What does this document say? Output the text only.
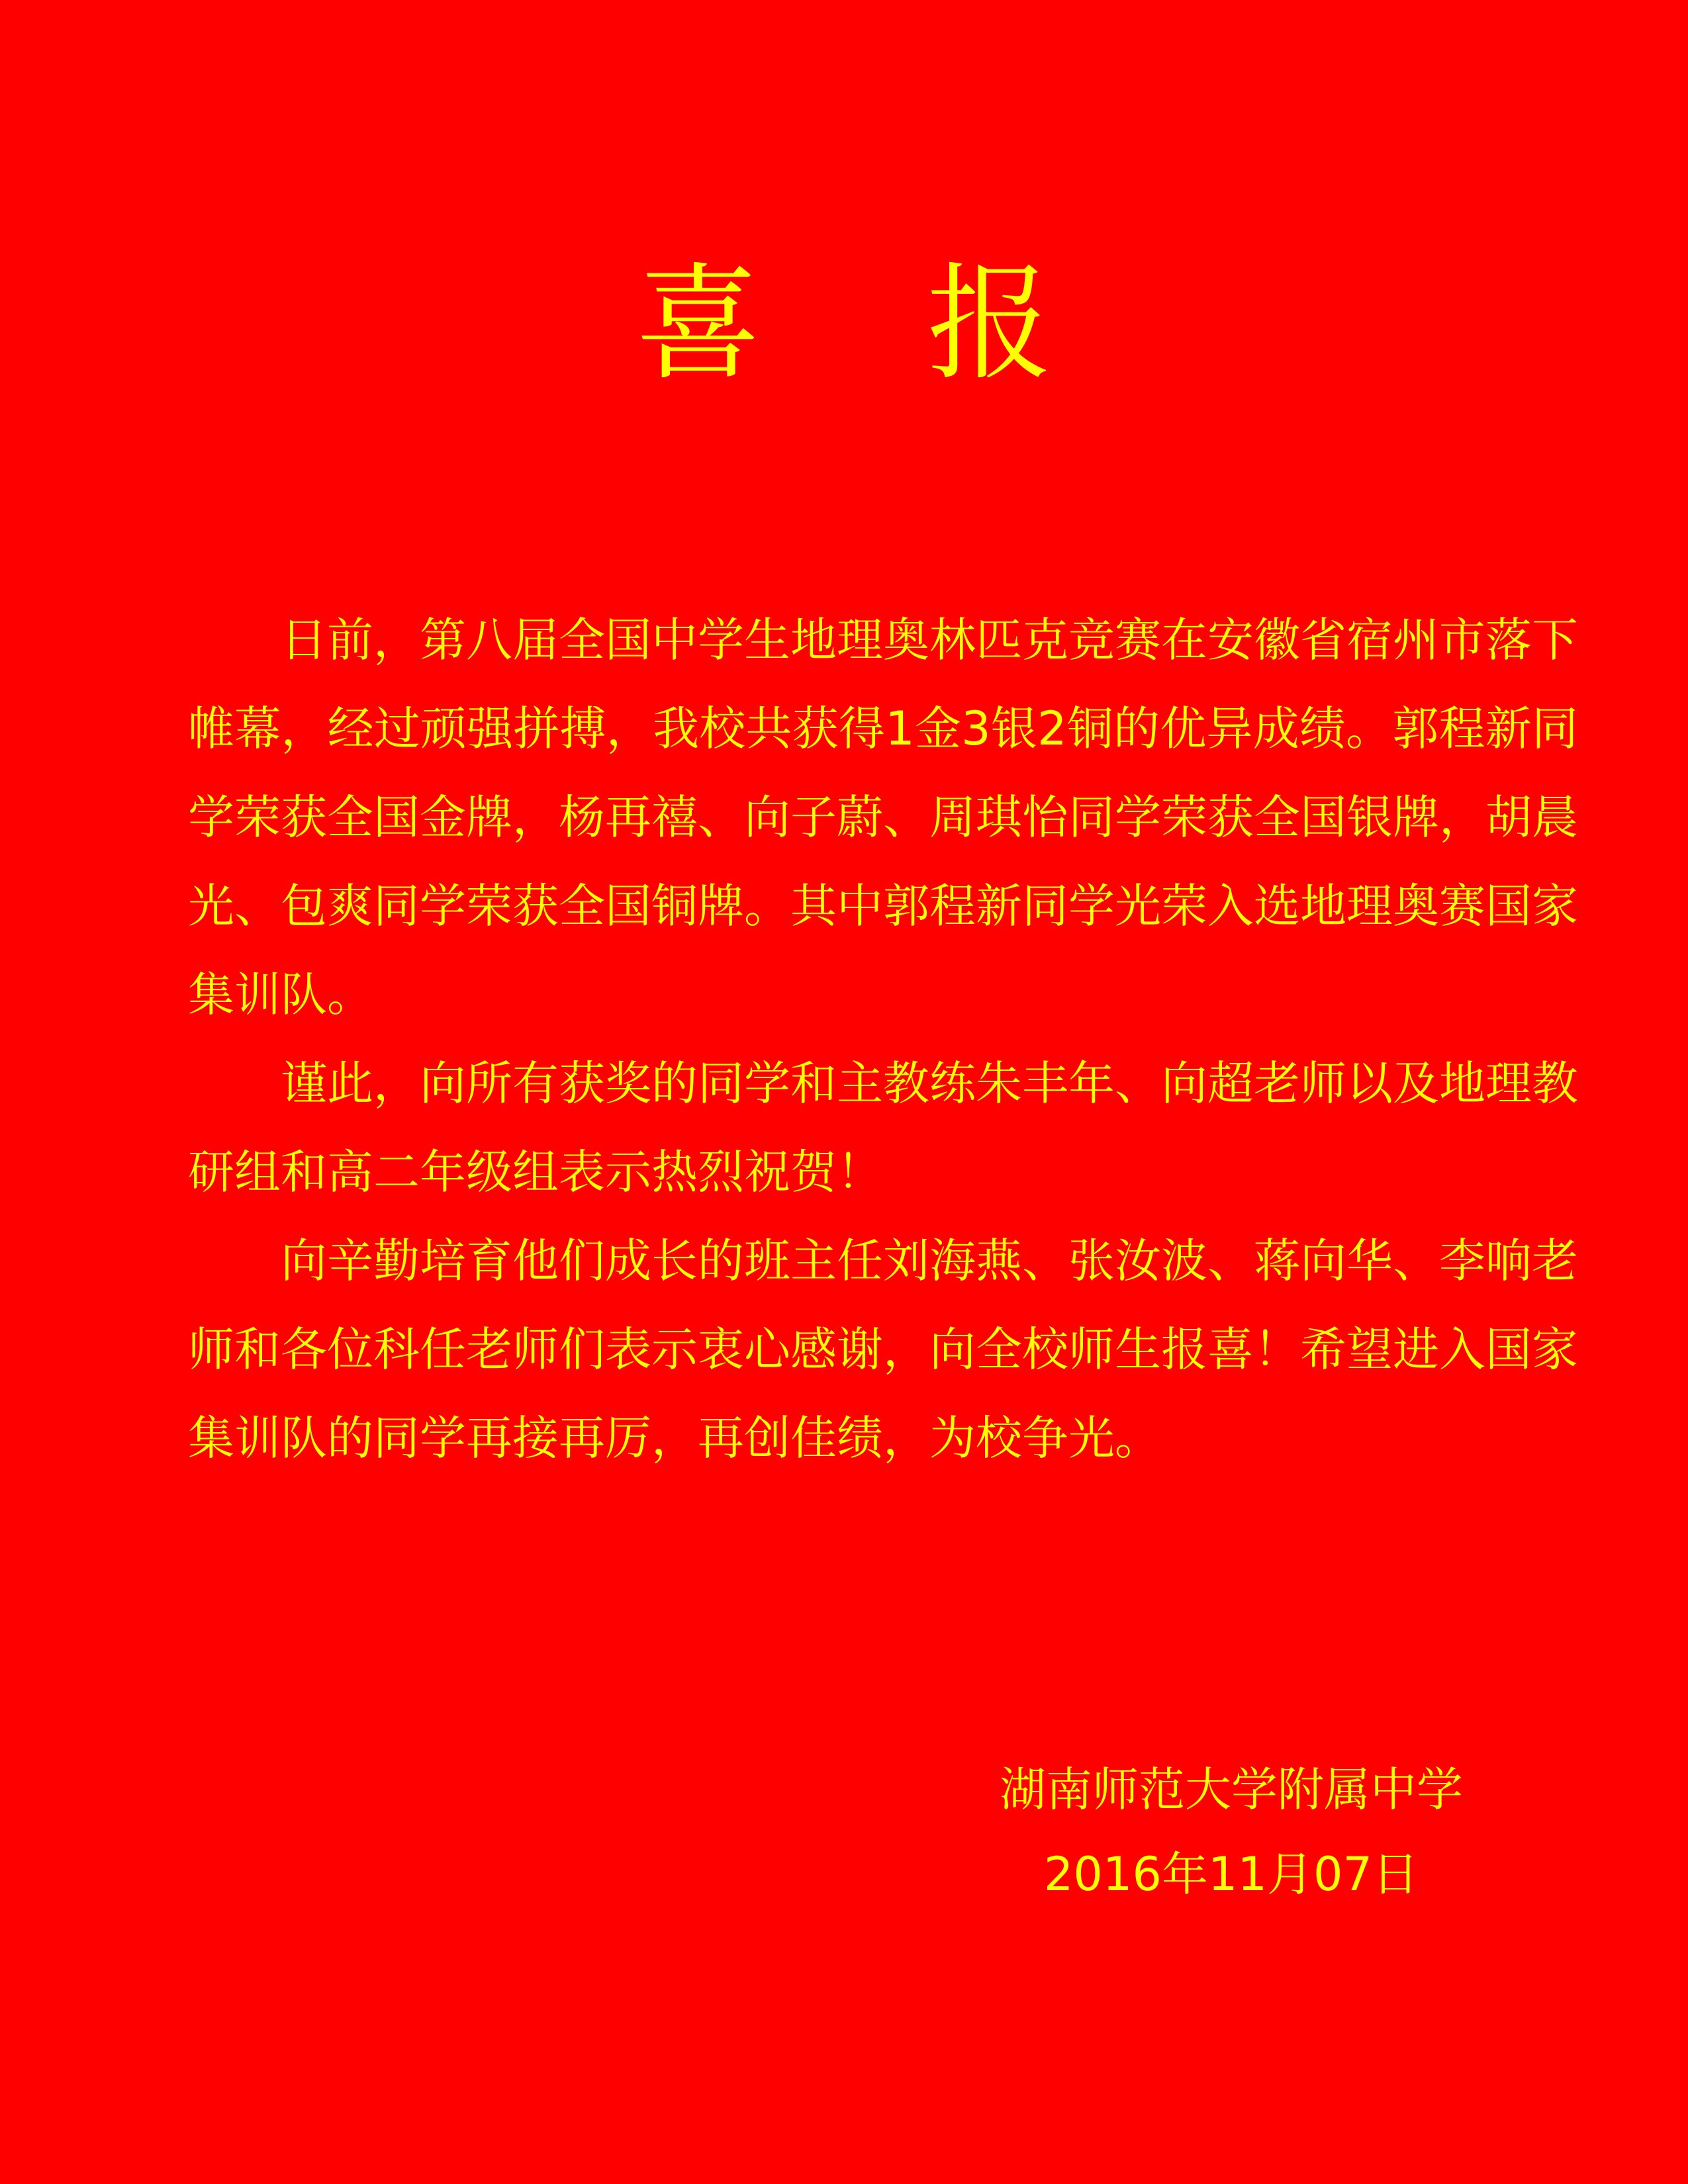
喜 报

日前，第八届全国中学生地理奥林匹克竞赛在安徽省宿州市落下帷幕，经过顽强拼搏，我校共获得1金3银2铜的优异成绩。郭程新同学荣获全国金牌，杨再禧、向子蔚、周琪怡同学荣获全国银牌，胡晨光、包爽同学荣获全国铜牌。其中郭程新同学光荣入选地理奥赛国家集训队。

谨此，向所有获奖的同学和主教练朱丰年、向超老师以及地理教研组和高二年级组表示热烈祝贺！

向辛勤培育他们成长的班主任刘海燕、张汝波、蒋向华、李响老师和各位科任老师们表示衷心感谢，向全校师生报喜！希望进入国家集训队的同学再接再厉，再创佳绩，为校争光。

湖南师范大学附属中学
2016年11月07日
